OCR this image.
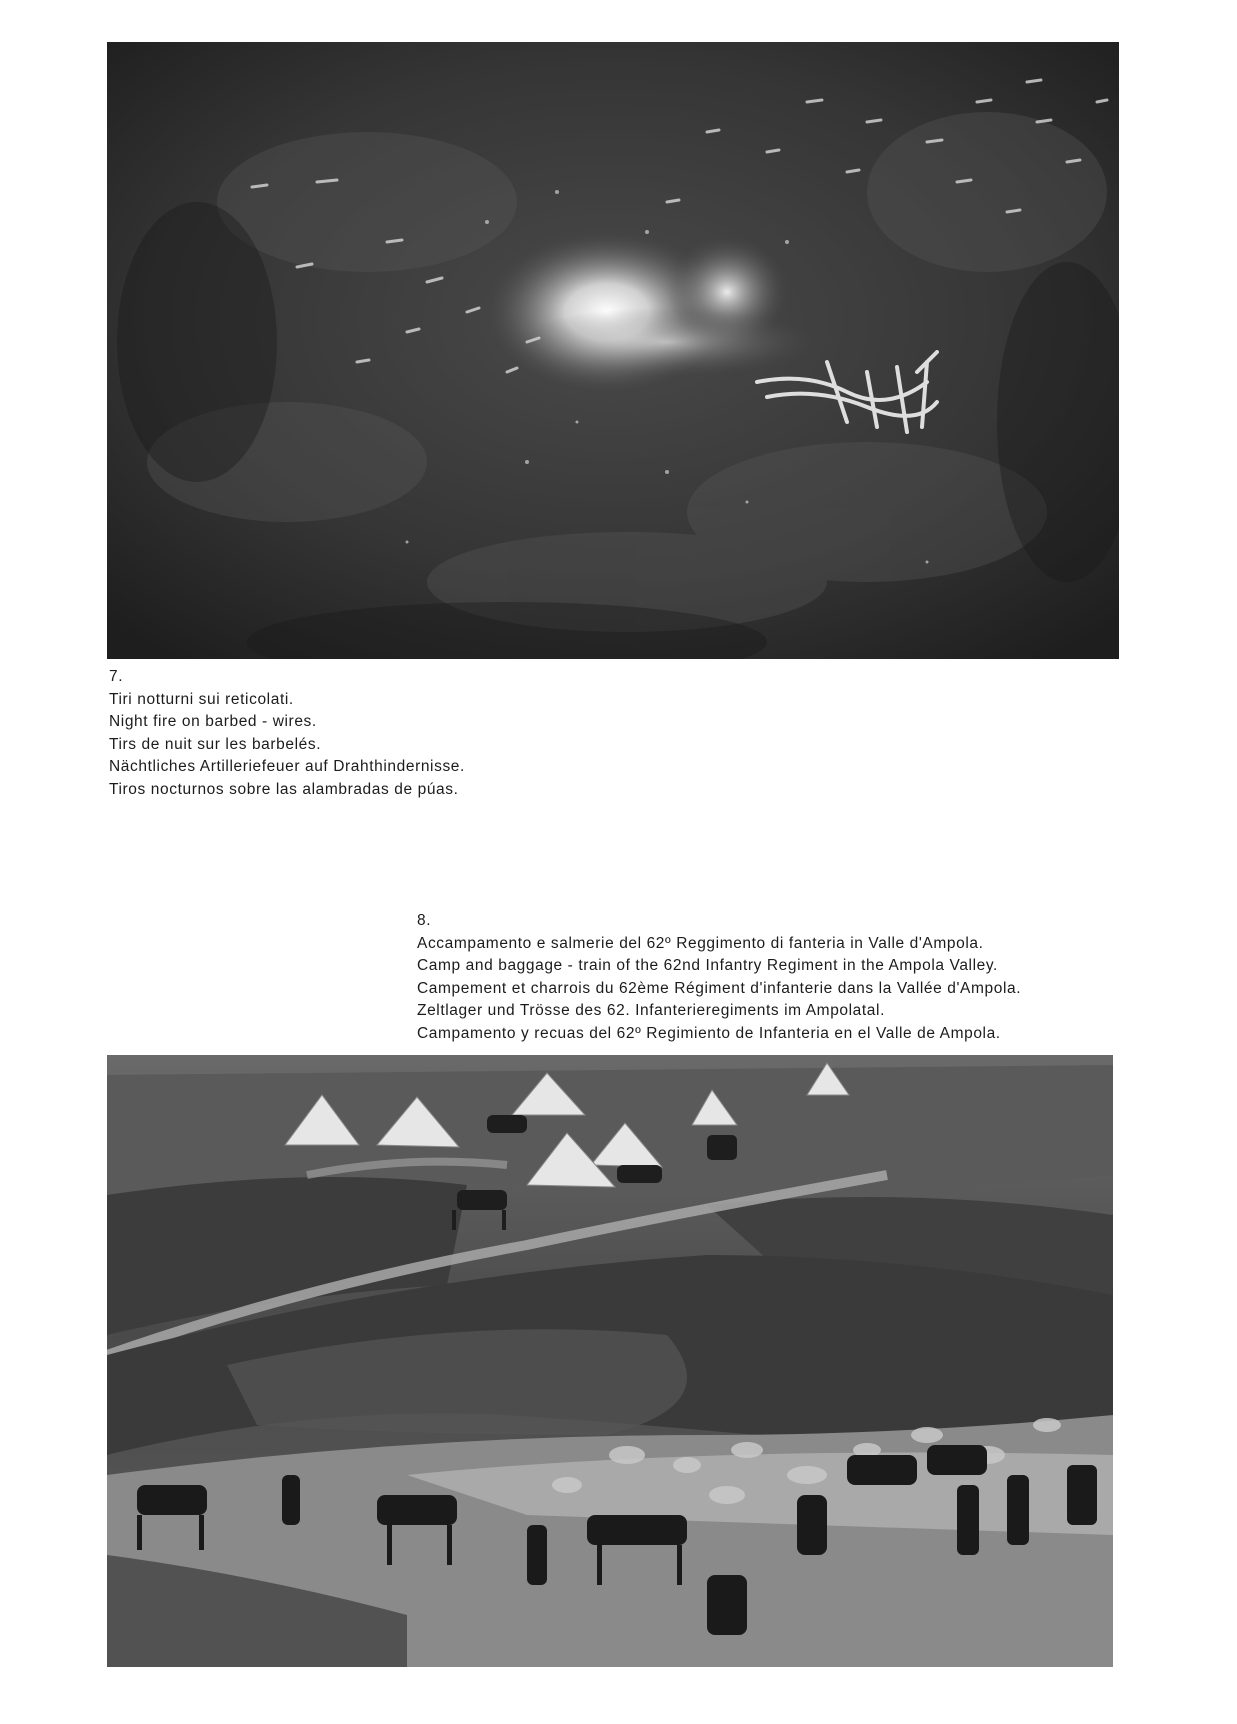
7.
Tiri notturni sui reticolati.
Night fire on barbed - wires.
Tirs de nuit sur les barbelés.
Nächtliches Artilleriefeuer auf Drahthindernisse.
Tiros nocturnos sobre las alambradas de púas.
8.
Accampamento e salmerie del 62º Reggimento di fanteria in Valle d'Ampola.
Camp and baggage - train of the 62nd Infantry Regiment in the Ampola Valley.
Campement et charrois du 62ème Régiment d'infanterie dans la Vallée d'Ampola.
Zeltlager und Trösse des 62. Infanterieregiments im Ampolatal.
Campamento y recuas del 62º Regimiento de Infanteria en el Valle de Ampola.
